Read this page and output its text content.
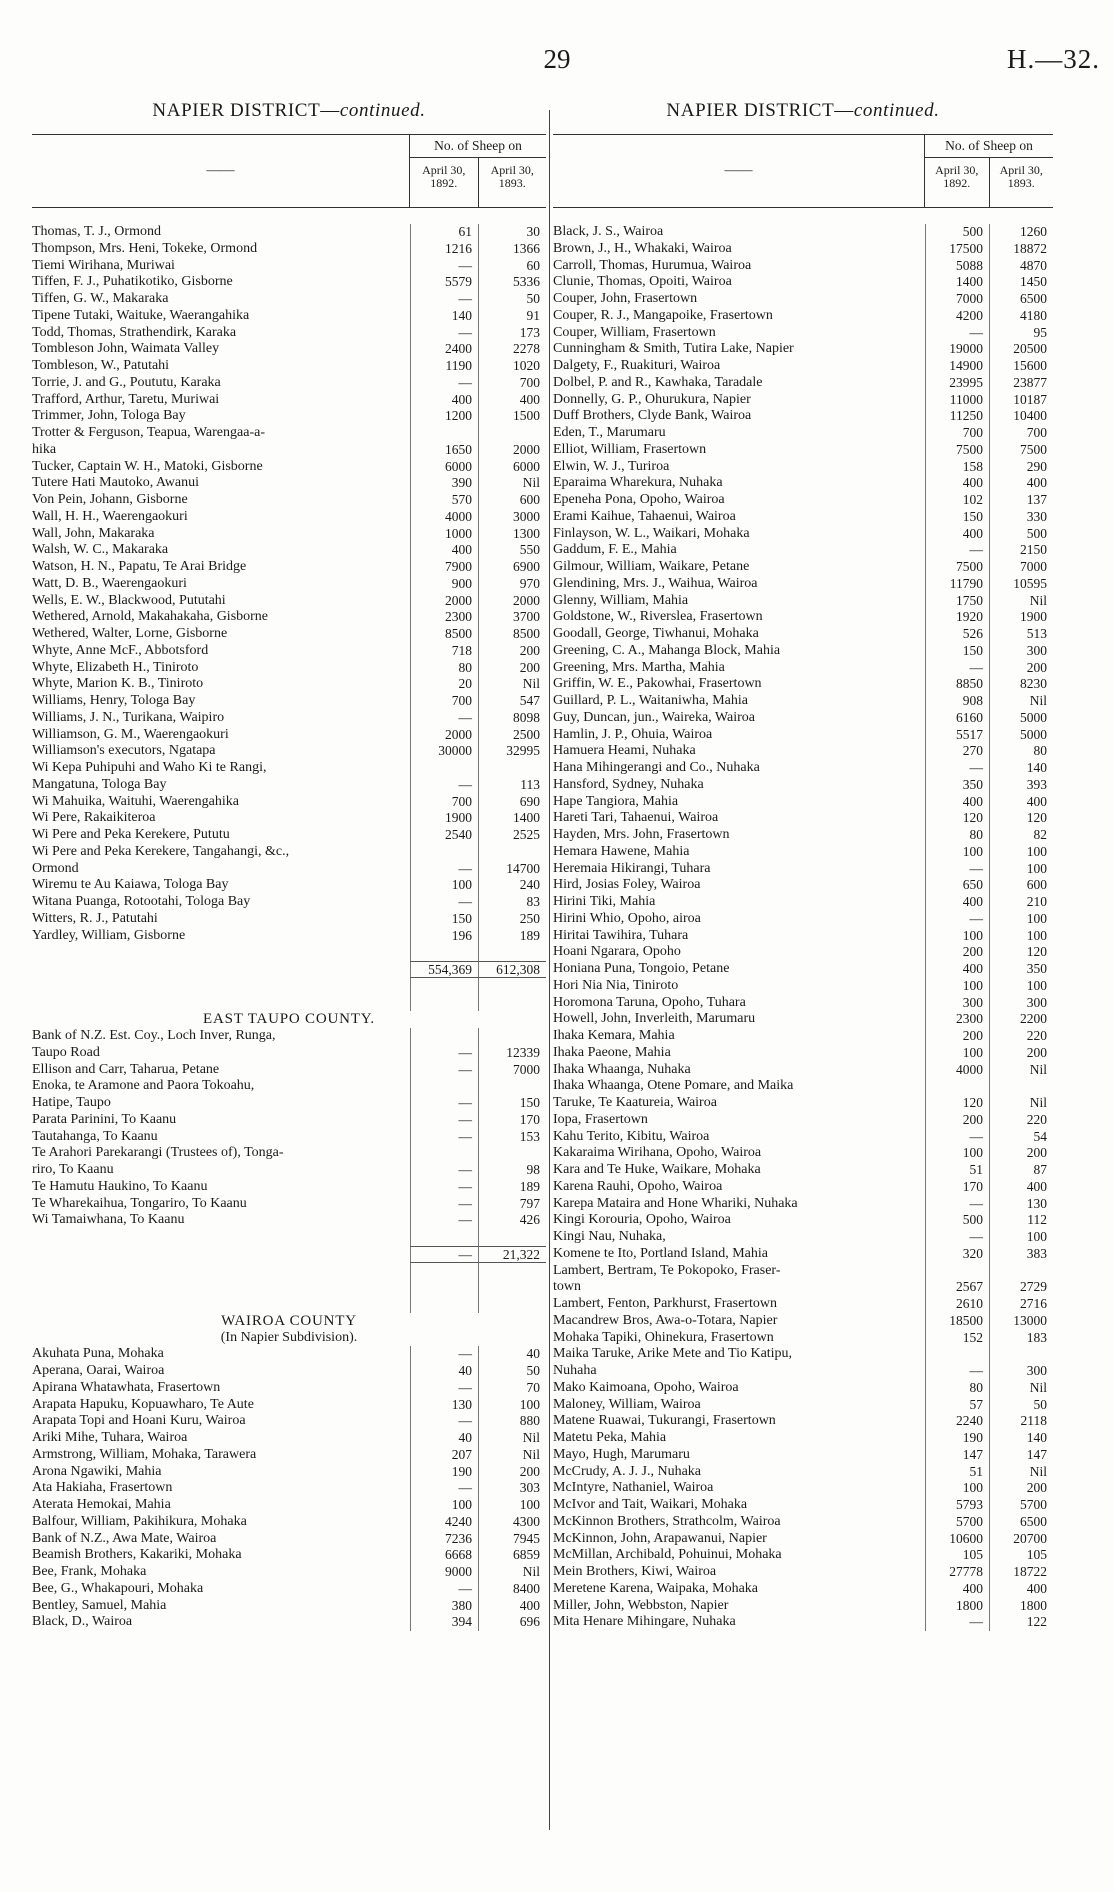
29	H.—32.
NAPIER DISTRICT—continued.
——
No. of Sheep on
April 30, 1892.
April 30, 1893.
Thomas, T. J., Ormond	61	30
Thompson, Mrs. Heni, Tokeke, Ormond	1216	1366
Tiemi Wirihana, Muriwai	—	60
Tiffen, F. J., Puhatikotiko, Gisborne	5579	5336
Tiffen, G. W., Makaraka	—	50
Tipene Tutaki, Waituke, Waerangahika	140	91
Todd, Thomas, Strathendirk, Karaka	—	173
Tombleson John, Waimata Valley	2400	2278
Tombleson, W., Patutahi	1190	1020
Torrie, J. and G., Poututu, Karaka	—	700
Trafford, Arthur, Taretu, Muriwai	400	400
Trimmer, John, Tologa Bay	1200	1500
Trotter & Ferguson, Teapua, Warengaa-a-
hika	1650	2000
Tucker, Captain W. H., Matoki, Gisborne	6000	6000
Tutere Hati Mautoko, Awanui	390	Nil
Von Pein, Johann, Gisborne	570	600
Wall, H. H., Waerengaokuri	4000	3000
Wall, John, Makaraka	1000	1300
Walsh, W. C., Makaraka	400	550
Watson, H. N., Papatu, Te Arai Bridge	7900	6900
Watt, D. B., Waerengaokuri	900	970
Wells, E. W., Blackwood, Pututahi	2000	2000
Wethered, Arnold, Makahakaha, Gisborne	2300	3700
Wethered, Walter, Lorne, Gisborne	8500	8500
Whyte, Anne McF., Abbotsford	718	200
Whyte, Elizabeth H., Tiniroto	80	200
Whyte, Marion K. B., Tiniroto	20	Nil
Williams, Henry, Tologa Bay	700	547
Williams, J. N., Turikana, Waipiro	—	8098
Williamson, G. M., Waerengaokuri	2000	2500
Williamson's executors, Ngatapa	30000	32995
Wi Kepa Puhipuhi and Waho Ki te Rangi,
Mangatuna, Tologa Bay	—	113
Wi Mahuika, Waituhi, Waerengahika	700	690
Wi Pere, Rakaikiteroa	1900	1400
Wi Pere and Peka Kerekere, Pututu	2540	2525
Wi Pere and Peka Kerekere, Tangahangi, &c.,
Ormond	—	14700
Wiremu te Au Kaiawa, Tologa Bay	100	240
Witana Puanga, Rotootahi, Tologa Bay	—	83
Witters, R. J., Patutahi	150	250
Yardley, William, Gisborne	196	189
554,369	612,308
EAST TAUPO COUNTY.
Bank of N.Z. Est. Coy., Loch Inver, Runga,
Taupo Road	—	12339
Ellison and Carr, Taharua, Petane	—	7000
Enoka, te Aramone and Paora Tokoahu,
Hatipe, Taupo	—	150
Parata Parinini, To Kaanu	—	170
Tautahanga, To Kaanu	—	153
Te Arahori Parekarangi (Trustees of), Tonga-
riro, To Kaanu	—	98
Te Hamutu Haukino, To Kaanu	—	189
Te Wharekaihua, Tongariro, To Kaanu	—	797
Wi Tamaiwhana, To Kaanu	—	426
—	21,322
WAIROA COUNTY
(In Napier Subdivision).
Akuhata Puna, Mohaka	—	40
Aperana, Oarai, Wairoa	40	50
Apirana Whatawhata, Frasertown	—	70
Arapata Hapuku, Kopuawharo, Te Aute	130	100
Arapata Topi and Hoani Kuru, Wairoa	—	880
Ariki Mihe, Tuhara, Wairoa	40	Nil
Armstrong, William, Mohaka, Tarawera	207	Nil
Arona Ngawiki, Mahia	190	200
Ata Hakiaha, Frasertown	—	303
Aterata Hemokai, Mahia	100	100
Balfour, William, Pakihikura, Mohaka	4240	4300
Bank of N.Z., Awa Mate, Wairoa	7236	7945
Beamish Brothers, Kakariki, Mohaka	6668	6859
Bee, Frank, Mohaka	9000	Nil
Bee, G., Whakapouri, Mohaka	—	8400
Bentley, Samuel, Mahia	380	400
Black, D., Wairoa	394	696
NAPIER DISTRICT—continued.
——
No. of Sheep on
April 30, 1892.
April 30, 1893.
Black, J. S., Wairoa	500	1260
Brown, J., H., Whakaki, Wairoa	17500	18872
Carroll, Thomas, Hurumua, Wairoa	5088	4870
Clunie, Thomas, Opoiti, Wairoa	1400	1450
Couper, John, Frasertown	7000	6500
Couper, R. J., Mangapoike, Frasertown	4200	4180
Couper, William, Frasertown	—	95
Cunningham & Smith, Tutira Lake, Napier	19000	20500
Dalgety, F., Ruakituri, Wairoa	14900	15600
Dolbel, P. and R., Kawhaka, Taradale	23995	23877
Donnelly, G. P., Ohurukura, Napier	11000	10187
Duff Brothers, Clyde Bank, Wairoa	11250	10400
Eden, T., Marumaru	700	700
Elliot, William, Frasertown	7500	7500
Elwin, W. J., Turiroa	158	290
Eparaima Wharekura, Nuhaka	400	400
Epeneha Pona, Opoho, Wairoa	102	137
Erami Kaihue, Tahaenui, Wairoa	150	330
Finlayson, W. L., Waikari, Mohaka	400	500
Gaddum, F. E., Mahia	—	2150
Gilmour, William, Waikare, Petane	7500	7000
Glendining, Mrs. J., Waihua, Wairoa	11790	10595
Glenny, William, Mahia	1750	Nil
Goldstone, W., Riverslea, Frasertown	1920	1900
Goodall, George, Tiwhanui, Mohaka	526	513
Greening, C. A., Mahanga Block, Mahia	150	300
Greening, Mrs. Martha, Mahia	—	200
Griffin, W. E., Pakowhai, Frasertown	8850	8230
Guillard, P. L., Waitaniwha, Mahia	908	Nil
Guy, Duncan, jun., Waireka, Wairoa	6160	5000
Hamlin, J. P., Ohuia, Wairoa	5517	5000
Hamuera Heami, Nuhaka	270	80
Hana Mihingerangi and Co., Nuhaka	—	140
Hansford, Sydney, Nuhaka	350	393
Hape Tangiora, Mahia	400	400
Hareti Tari, Tahaenui, Wairoa	120	120
Hayden, Mrs. John, Frasertown	80	82
Hemara Hawene, Mahia	100	100
Heremaia Hikirangi, Tuhara	—	100
Hird, Josias Foley, Wairoa	650	600
Hirini Tiki, Mahia	400	210
Hirini Whio, Opoho, airoa	—	100
Hiritai Tawihira, Tuhara	100	100
Hoani Ngarara, Opoho	200	120
Honiana Puna, Tongoio, Petane	400	350
Hori Nia Nia, Tiniroto	100	100
Horomona Taruna, Opoho, Tuhara	300	300
Howell, John, Inverleith, Marumaru	2300	2200
Ihaka Kemara, Mahia	200	220
Ihaka Paeone, Mahia	100	200
Ihaka Whaanga, Nuhaka	4000	Nil
Ihaka Whaanga, Otene Pomare, and Maika
Taruke, Te Kaatureia, Wairoa	120	Nil
Iopa, Frasertown	200	220
Kahu Terito, Kibitu, Wairoa	—	54
Kakaraima Wirihana, Opoho, Wairoa	100	200
Kara and Te Huke, Waikare, Mohaka	51	87
Karena Rauhi, Opoho, Wairoa	170	400
Karepa Mataira and Hone Whariki, Nuhaka	—	130
Kingi Korouria, Opoho, Wairoa	500	112
Kingi Nau, Nuhaka,	—	100
Komene te Ito, Portland Island, Mahia	320	383
Lambert, Bertram, Te Pokopoko, Fraser-
town	2567	2729
Lambert, Fenton, Parkhurst, Frasertown	2610	2716
Macandrew Bros, Awa-o-Totara, Napier	18500	13000
Mohaka Tapiki, Ohinekura, Frasertown	152	183
Maika Taruke, Arike Mete and Tio Katipu,
Nuhaha	—	300
Mako Kaimoana, Opoho, Wairoa	80	Nil
Maloney, William, Wairoa	57	50
Matene Ruawai, Tukurangi, Frasertown	2240	2118
Matetu Peka, Mahia	190	140
Mayo, Hugh, Marumaru	147	147
McCrudy, A. J. J., Nuhaka	51	Nil
McIntyre, Nathaniel, Wairoa	100	200
McIvor and Tait, Waikari, Mohaka	5793	5700
McKinnon Brothers, Strathcolm, Wairoa	5700	6500
McKinnon, John, Arapawanui, Napier	10600	20700
McMillan, Archibald, Pohuinui, Mohaka	105	105
Mein Brothers, Kiwi, Wairoa	27778	18722
Meretene Karena, Waipaka, Mohaka	400	400
Miller, John, Webbston, Napier	1800	1800
Mita Henare Mihingare, Nuhaka	—	122
